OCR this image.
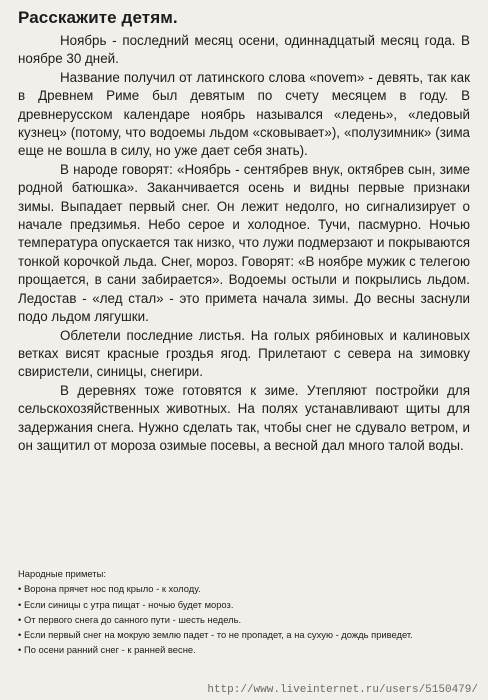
Расскажите детям.

Ноябрь - последний месяц осени, одиннадцатый месяц года. В ноябре 30 дней.

Название получил от латинского слова «novem» - девять, так как в Древнем Риме был девятым по счету месяцем в году. В древнерусском календаре ноябрь назывался «ледень», «ледовый кузнец» (потому, что водоемы льдом «сковывает»), «полузимник» (зима еще не вошла в силу, но уже дает себя знать).

В народе говорят: «Ноябрь - сентябрев внук, октябрев сын, зиме родной батюшка». Заканчивается осень и видны первые признаки зимы. Выпадает первый снег. Он лежит недолго, но сигнализирует о начале предзимья. Небо серое и холодное. Тучи, пасмурно. Ночью температура опускается так низко, что лужи подмерзают и покрываются тонкой корочкой льда. Снег, мороз. Говорят: «В ноябре мужик с телегою прощается, в сани забирается». Водоемы остыли и покрылись льдом. Ледостав - «лед стал» - это примета начала зимы. До весны заснули подо льдом лягушки.

Облетели последние листья. На голых рябиновых и калиновых ветках висят красные гроздья ягод. Прилетают с севера на зимовку свиристели, синицы, снегири.

В деревнях тоже готовятся к зиме. Утепляют постройки для сельскохозяйственных животных. На полях устанавливают щиты для задержания снега. Нужно сделать так, чтобы снег не сдувало ветром, и он защитил от мороза озимые посевы, а весной дал много талой воды.

Народные приметы:

• Ворона прячет нос под крыло - к холоду.
• Если синицы с утра пищат - ночью будет мороз.
• От первого снега до санного пути - шесть недель.
• Если первый снег на мокрую землю падет - то не пропадет, а на сухую - дождь приведет.
• По осени ранний снег - к ранней весне.
http://www.liveinternet.ru/users/5150479/
